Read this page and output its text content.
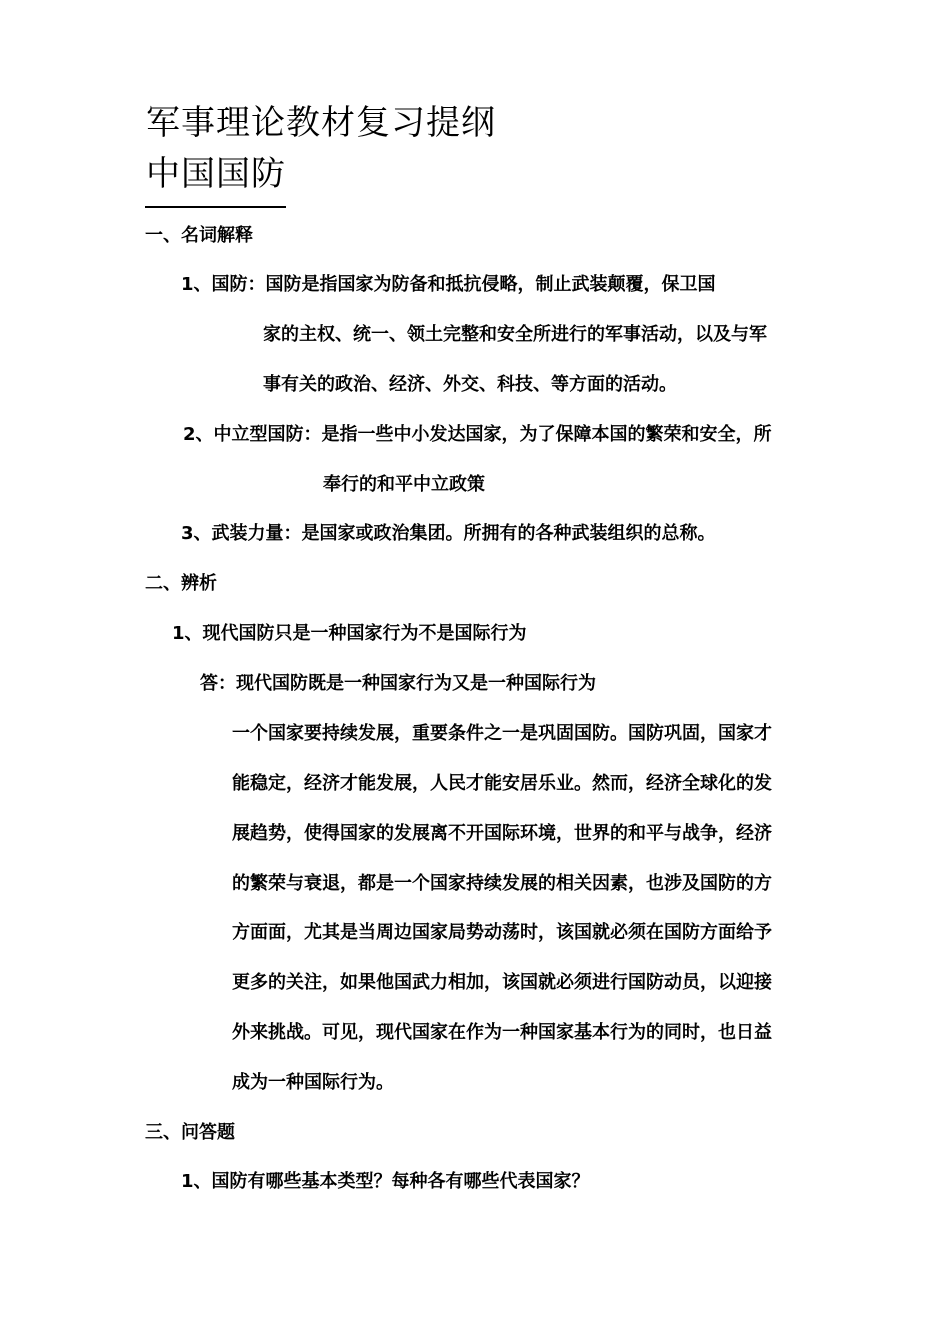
军事理论教材复习提纲
中国国防
一、名词解释
1、国防：国防是指国家为防备和抵抗侵略，制止武装颠覆，保卫国
家的主权、统一、领土完整和安全所进行的军事活动，以及与军
事有关的政治、经济、外交、科技、等方面的活动。
2、中立型国防：是指一些中小发达国家，为了保障本国的繁荣和安全，所
奉行的和平中立政策
3、武装力量：是国家或政治集团。所拥有的各种武装组织的总称。
二、辨析
1、现代国防只是一种国家行为不是国际行为
答：现代国防既是一种国家行为又是一种国际行为
一个国家要持续发展，重要条件之一是巩固国防。国防巩固，国家才
能稳定，经济才能发展，人民才能安居乐业。然而，经济全球化的发
展趋势，使得国家的发展离不开国际环境，世界的和平与战争，经济
的繁荣与衰退，都是一个国家持续发展的相关因素，也涉及国防的方
方面面，尤其是当周边国家局势动荡时，该国就必须在国防方面给予
更多的关注，如果他国武力相加，该国就必须进行国防动员，以迎接
外来挑战。可见，现代国家在作为一种国家基本行为的同时，也日益
成为一种国际行为。
三、问答题
1、国防有哪些基本类型？每种各有哪些代表国家？
